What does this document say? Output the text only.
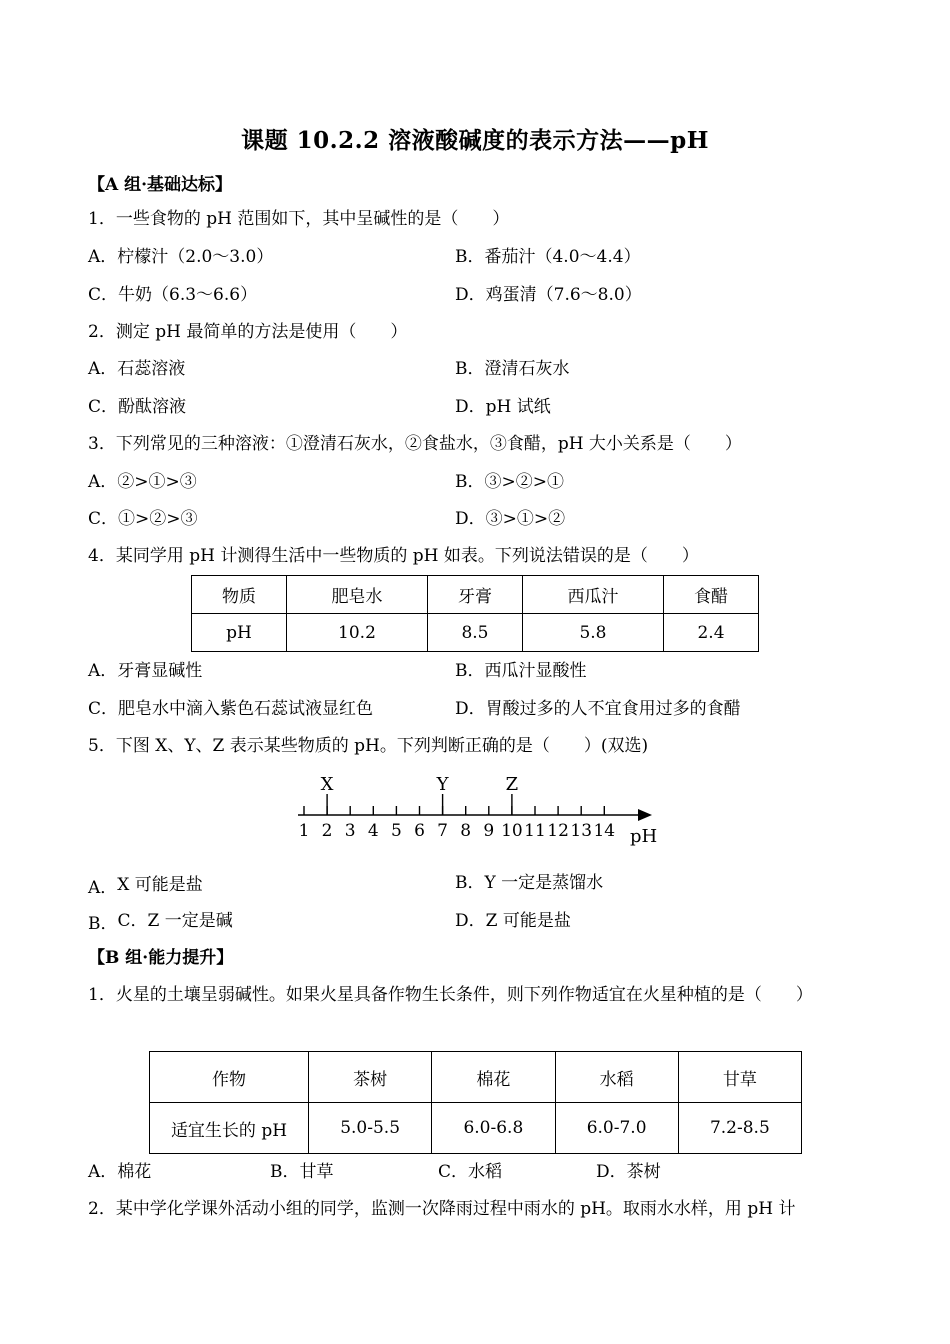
课题 10.2.2 溶液酸碱度的表示方法——pH
【A 组·基础达标】
1．一些食物的 pH 范围如下，其中呈碱性的是（　　）
A．柠檬汁（2.0～3.0）	B．番茄汁（4.0～4.4）
C．牛奶（6.3～6.6）	D．鸡蛋清（7.6～8.0）
2．测定 pH 最简单的方法是使用（　　）
A．石蕊溶液	B．澄清石灰水
C．酚酞溶液	D．pH 试纸
3．下列常见的三种溶液：①澄清石灰水，②食盐水，③食醋，pH 大小关系是（　　）
A．②>①>③	B．③>②>①
C．①>②>③	D．③>①>②
4．某同学用 pH 计测得生活中一些物质的 pH 如表。下列说法错误的是（　　）
物质	肥皂水	牙膏	西瓜汁	食醋
pH	10.2	8.5	5.8	2.4
A．牙膏显碱性	B．西瓜汁显酸性
C．肥皂水中滴入紫色石蕊试液显红色	D．胃酸过多的人不宜食用过多的食醋
5．下图 X、Y、Z 表示某些物质的 pH。下列判断正确的是（　　）(双选)
1 2 3 4 5 6 7 8 9 10 11 12 13 14
X	Y	Z
pH
A．X 可能是盐	B．Y 一定是蒸馏水
B．C．Z 一定是碱	D．Z 可能是盐
【B 组·能力提升】
1．火星的土壤呈弱碱性。如果火星具备作物生长条件，则下列作物适宜在火星种植的是（　　）
作物	茶树	棉花	水稻	甘草
适宜生长的 pH	5.0-5.5	6.0-6.8	6.0-7.0	7.2-8.5
A．棉花	B．甘草	C．水稻	D．茶树
2．某中学化学课外活动小组的同学，监测一次降雨过程中雨水的 pH。取雨水水样，用 pH 计
